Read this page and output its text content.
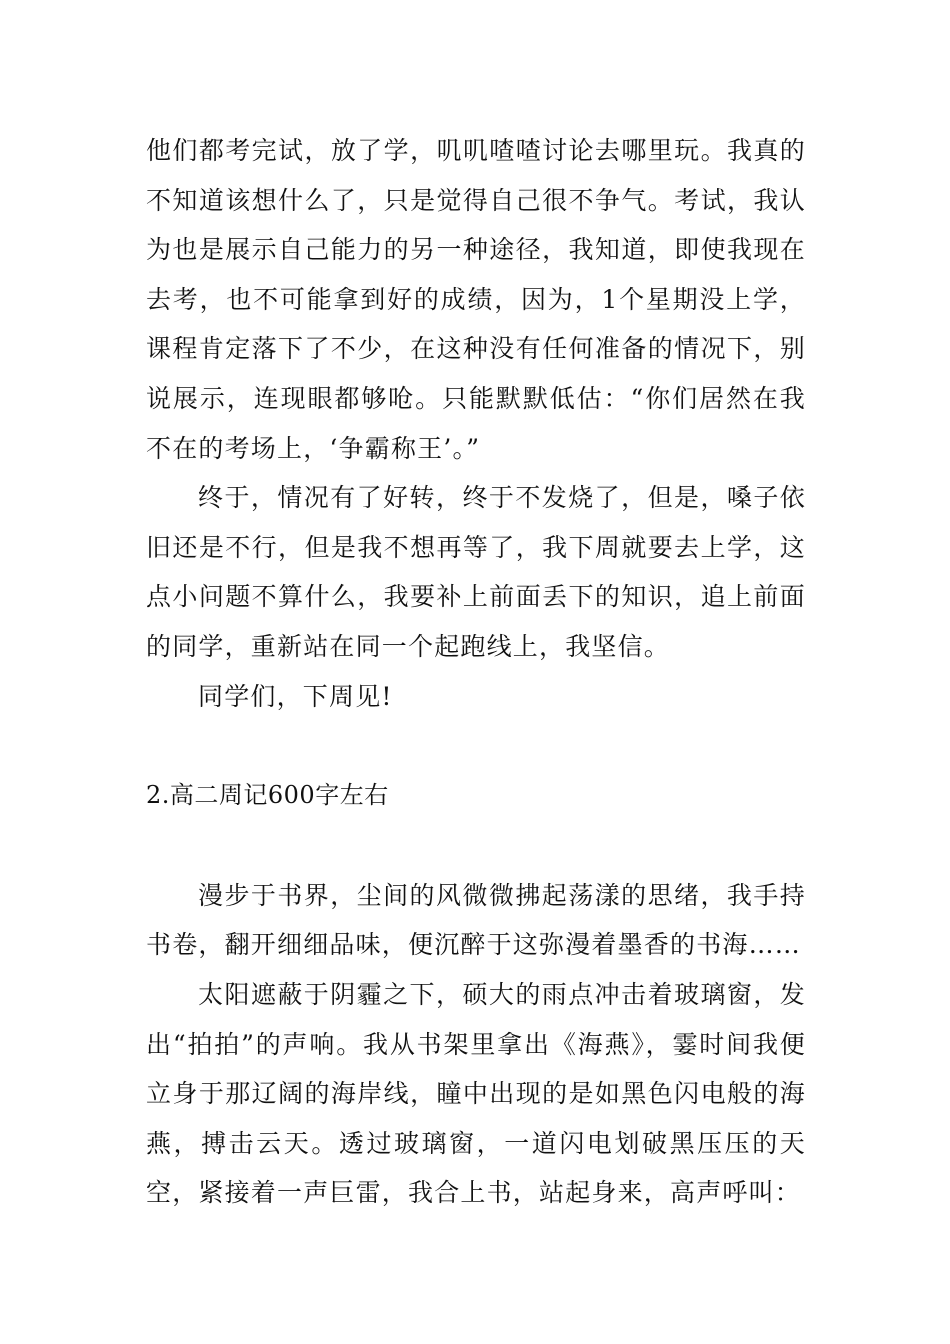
他们都考完试，放了学，叽叽喳喳讨论去哪里玩。我真的不知道该想什么了，只是觉得自己很不争气。考试，我认为也是展示自己能力的另一种途径，我知道，即使我现在去考，也不可能拿到好的成绩，因为，1个星期没上学，课程肯定落下了不少，在这种没有任何准备的情况下，别说展示，连现眼都够呛。只能默默低估：“你们居然在我不在的考场上，‘争霸称王’。”

终于，情况有了好转，终于不发烧了，但是，嗓子依旧还是不行，但是我不想再等了，我下周就要去上学，这点小问题不算什么，我要补上前面丢下的知识，追上前面的同学，重新站在同一个起跑线上，我坚信。

同学们，下周见!

2.高二周记600字左右

漫步于书界，尘间的风微微拂起荡漾的思绪，我手持书卷，翻开细细品味，便沉醉于这弥漫着墨香的书海……

太阳遮蔽于阴霾之下，硕大的雨点冲击着玻璃窗，发出“拍拍”的声响。我从书架里拿出《海燕》，霎时间我便立身于那辽阔的海岸线，瞳中出现的是如黑色闪电般的海燕，搏击云天。透过玻璃窗，一道闪电划破黑压压的天空，紧接着一声巨雷，我合上书，站起身来，高声呼叫：
